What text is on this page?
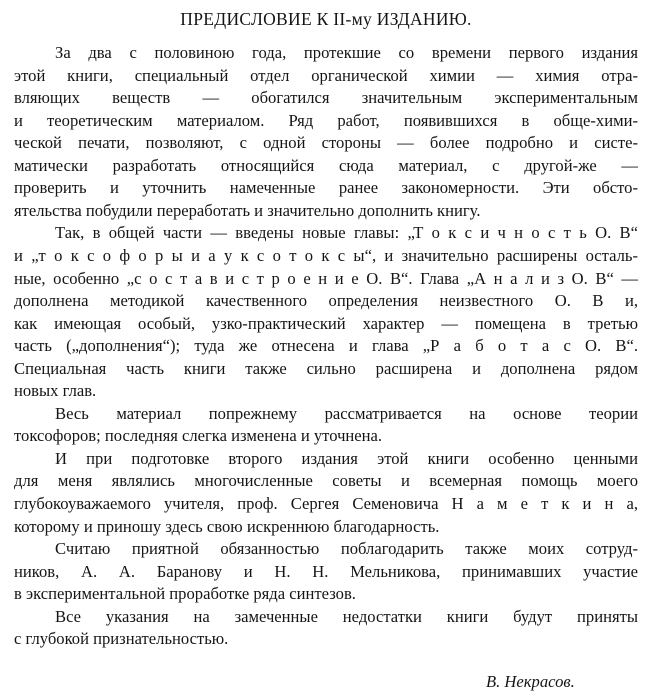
ПРЕДИСЛОВИЕ К II-му ИЗДАНИЮ.
За два с половиною года, протекшие со времени первого издания
этой книги, специальный отдел органической химии — химия отра-
вляющих веществ — обогатился значительным экспериментальным
и теоретическим материалом. Ряд работ, появившихся в обще-хими-
ческой печати, позволяют, с одной стороны — более подробно и систе-
матически разработать относящийся сюда материал, с другой-же —
проверить и уточнить намеченные ранее закономерности. Эти обсто-
ятельства побудили переработать и значительно дополнить книгу.
Так, в общей части — введены новые главы: „Т о к с и ч н о с т ь О. В“
и „т о к с о ф о р ы и а у к с о т о к с ы“, и значительно расширены осталь-
ные, особенно „с о с т а в и с т р о е н и е О. В“. Глава „А н а л и з О. В“ —
дополнена методикой качественного определения неизвестного О. В и,
как имеющая особый, узко-практический характер — помещена в третью
часть („дополнения“); туда же отнесена и глава „Р а б о т а с О. В“.
Специальная часть книги также сильно расширена и дополнена рядом
новых глав.
Весь материал попрежнему рассматривается на основе теории
токсофоров; последняя слегка изменена и уточнена.
И при подготовке второго издания этой книги особенно ценными
для меня являлись многочисленные советы и всемерная помощь моего
глубокоуважаемого учителя, проф. Сергея Семеновича Н а м е т к и н а,
которому и приношу здесь свою искреннюю благодарность.
Считаю приятной обязанностью поблагодарить также моих сотруд-
ников, А. А. Баранову и Н. Н. Мельникова, принимавших участие
в экспериментальной проработке ряда синтезов.
Все указания на замеченные недостатки книги будут приняты
с глубокой признательностью.
В. Некрасов.
